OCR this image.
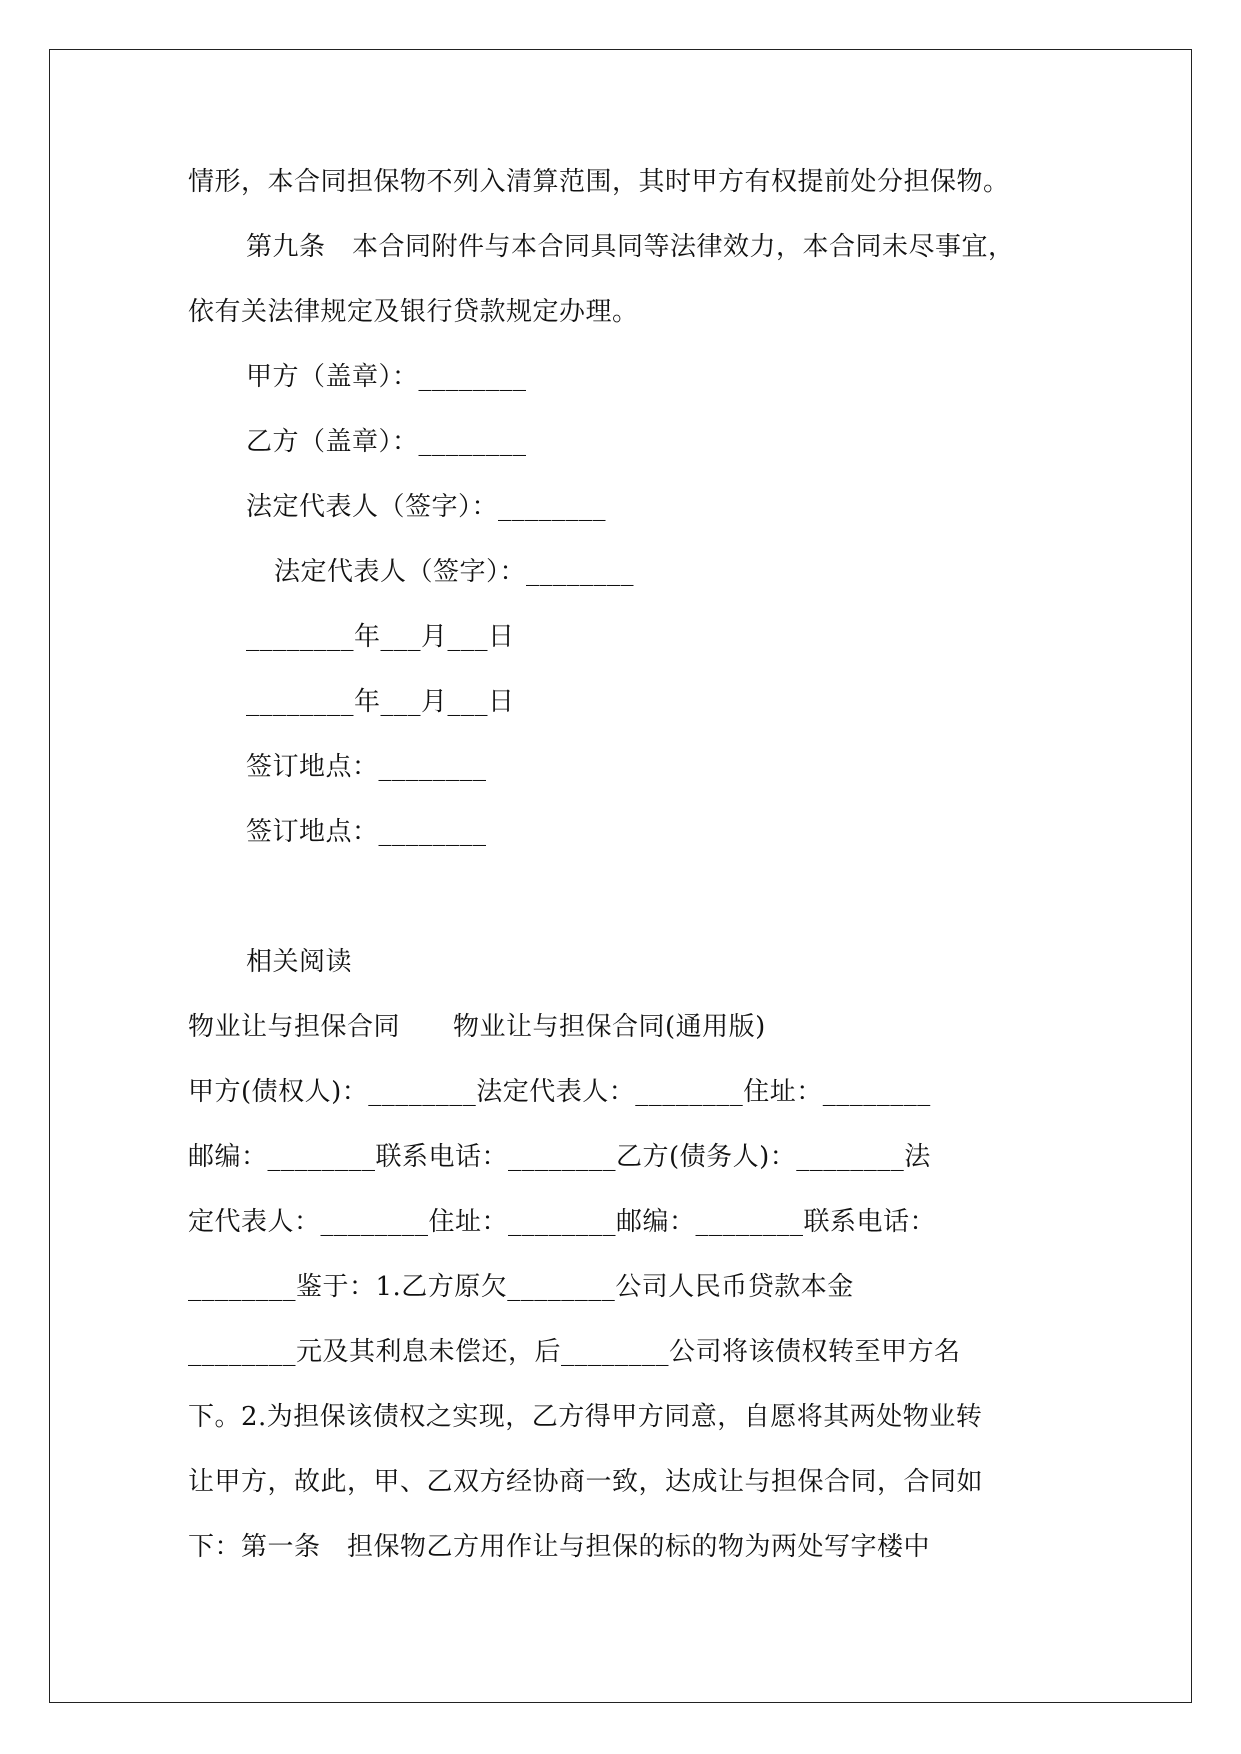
情形，本合同担保物不列入清算范围，其时甲方有权提前处分担保物。
第九条　本合同附件与本合同具同等法律效力，本合同未尽事宜，
依有关法律规定及银行贷款规定办理。
甲方（盖章）：________
乙方（盖章）：________
法定代表人（签字）：________
法定代表人（签字）：________
________年___月___日
________年___月___日
签订地点：________
签订地点：________
相关阅读
物业让与担保合同　　物业让与担保合同(通用版)
甲方(债权人)：________法定代表人：________住址：________
邮编：________联系电话：________乙方(债务人)：________法
定代表人：________住址：________邮编：________联系电话：
________鉴于：1.乙方原欠________公司人民币贷款本金
________元及其利息未偿还，后________公司将该债权转至甲方名
下。2.为担保该债权之实现，乙方得甲方同意，自愿将其两处物业转
让甲方，故此，甲、乙双方经协商一致，达成让与担保合同，合同如
下：第一条　担保物乙方用作让与担保的标的物为两处写字楼中
